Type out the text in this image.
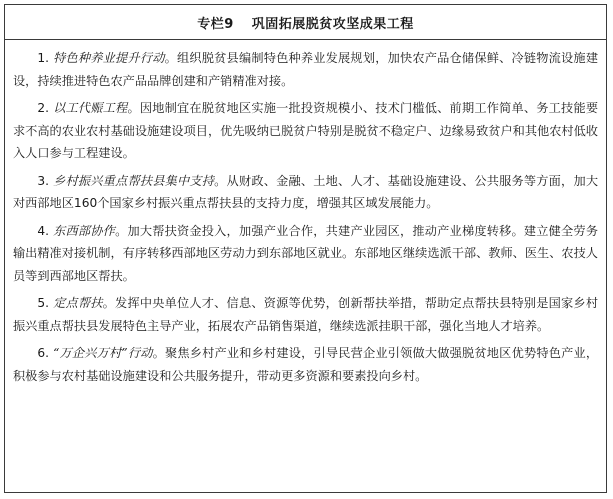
专栏9 巩固拓展脱贫攻坚成果工程

1. 特色种养业提升行动。组织脱贫县编制特色种养业发展规划，加快农产品仓储保鲜、冷链物流设施建设，持续推进特色农产品品牌创建和产销精准对接。

2. 以工代赈工程。因地制宜在脱贫地区实施一批投资规模小、技术门槛低、前期工作简单、务工技能要求不高的农业农村基础设施建设项目，优先吸纳已脱贫户特别是脱贫不稳定户、边缘易致贫户和其他农村低收入人口参与工程建设。

3. 乡村振兴重点帮扶县集中支持。从财政、金融、土地、人才、基础设施建设、公共服务等方面，加大对西部地区160个国家乡村振兴重点帮扶县的支持力度，增强其区域发展能力。

4. 东西部协作。加大帮扶资金投入，加强产业合作，共建产业园区，推动产业梯度转移。建立健全劳务输出精准对接机制，有序转移西部地区劳动力到东部地区就业。东部地区继续选派干部、教师、医生、农技人员等到西部地区帮扶。

5. 定点帮扶。发挥中央单位人才、信息、资源等优势，创新帮扶举措，帮助定点帮扶县特别是国家乡村振兴重点帮扶县发展特色主导产业，拓展农产品销售渠道，继续选派挂职干部，强化当地人才培养。

6. “万企兴万村”行动。聚焦乡村产业和乡村建设，引导民营企业引领做大做强脱贫地区优势特色产业，积极参与农村基础设施建设和公共服务提升，带动更多资源和要素投向乡村。
